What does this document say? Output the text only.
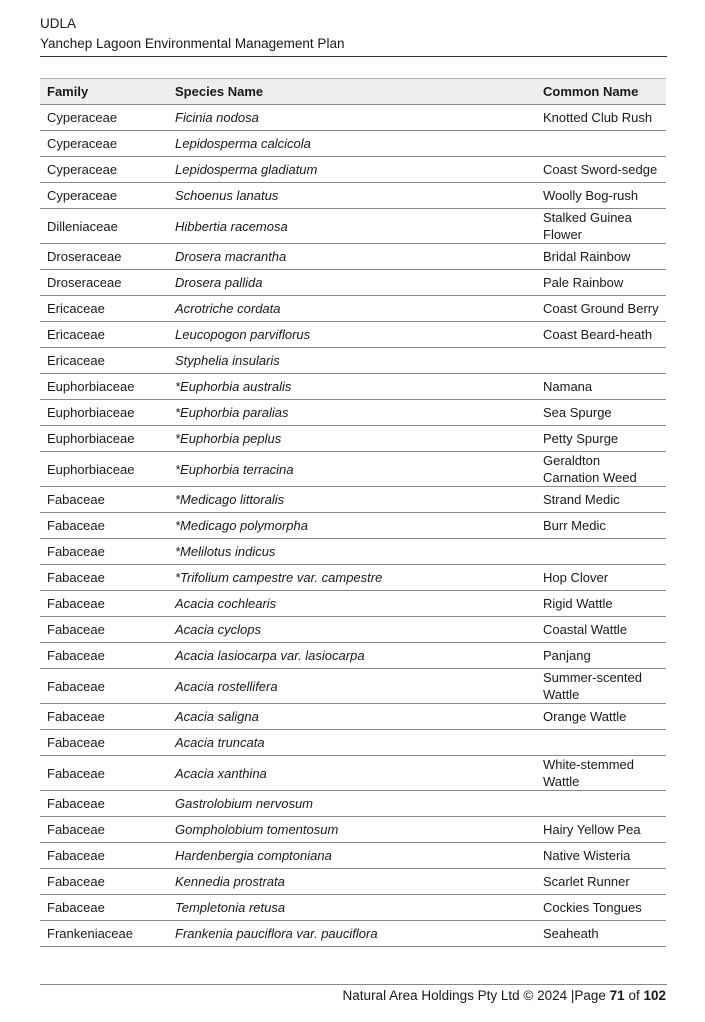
UDLA
Yanchep Lagoon Environmental Management Plan
Family	Species Name	Common Name
Cyperaceae	Ficinia nodosa	Knotted Club Rush
Cyperaceae	Lepidosperma calcicola	
Cyperaceae	Lepidosperma gladiatum	Coast Sword-sedge
Cyperaceae	Schoenus lanatus	Woolly Bog-rush
Dilleniaceae	Hibbertia racemosa	Stalked Guinea Flower
Droseraceae	Drosera macrantha	Bridal Rainbow
Droseraceae	Drosera pallida	Pale Rainbow
Ericaceae	Acrotriche cordata	Coast Ground Berry
Ericaceae	Leucopogon parviflorus	Coast Beard-heath
Ericaceae	Styphelia insularis	
Euphorbiaceae	*Euphorbia australis	Namana
Euphorbiaceae	*Euphorbia paralias	Sea Spurge
Euphorbiaceae	*Euphorbia peplus	Petty Spurge
Euphorbiaceae	*Euphorbia terracina	Geraldton Carnation Weed
Fabaceae	*Medicago littoralis	Strand Medic
Fabaceae	*Medicago polymorpha	Burr Medic
Fabaceae	*Melilotus indicus	
Fabaceae	*Trifolium campestre var. campestre	Hop Clover
Fabaceae	Acacia cochlearis	Rigid Wattle
Fabaceae	Acacia cyclops	Coastal Wattle
Fabaceae	Acacia lasiocarpa var. lasiocarpa	Panjang
Fabaceae	Acacia rostellifera	Summer-scented Wattle
Fabaceae	Acacia saligna	Orange Wattle
Fabaceae	Acacia truncata	
Fabaceae	Acacia xanthina	White-stemmed Wattle
Fabaceae	Gastrolobium nervosum	
Fabaceae	Gompholobium tomentosum	Hairy Yellow Pea
Fabaceae	Hardenbergia comptoniana	Native Wisteria
Fabaceae	Kennedia prostrata	Scarlet Runner
Fabaceae	Templetonia retusa	Cockies Tongues
Frankeniaceae	Frankenia pauciflora var. pauciflora	Seaheath
Natural Area Holdings Pty Ltd © 2024 |Page 71 of 102
